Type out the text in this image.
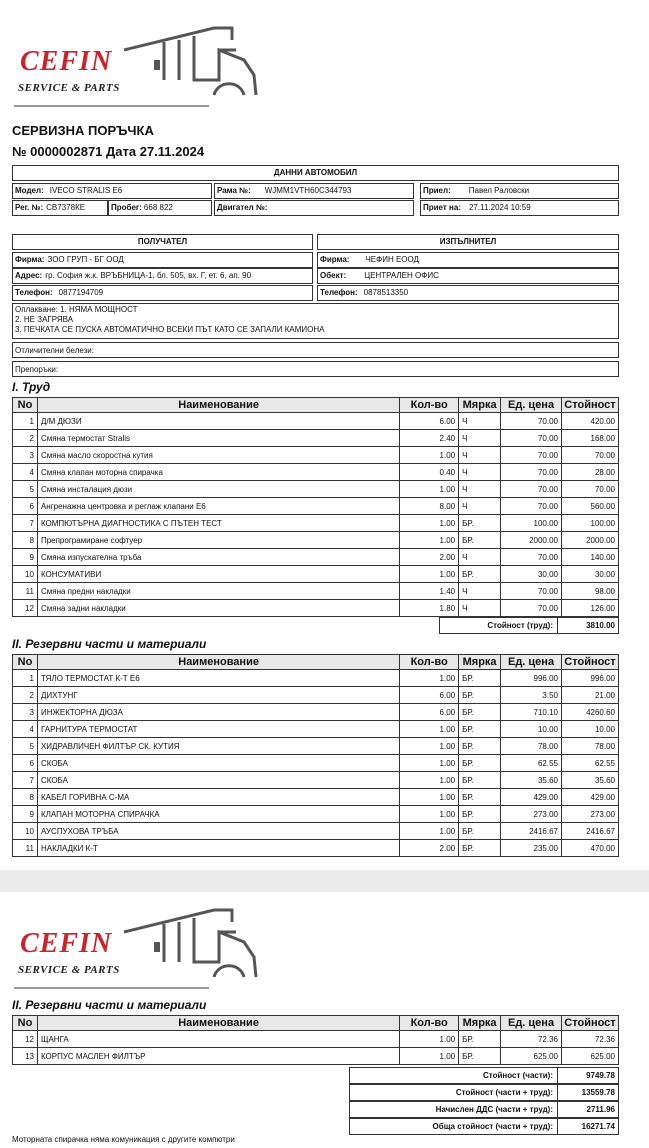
CEFIN
SERVICE & PARTS
СЕРВИЗНА ПОРЪЧКА
№ 0000002871 Дата 27.11.2024
ДАННИ АВТОМОБИЛ
Модел: IVECO STRALIS E6	Рама №: WJMM1VTH60C344793	Приел: Павел Раловски
Рег. №: СВ7378КЕ	Пробег: 668 822	Двигател №:	Приет на: 27.11.2024 10:59
ПОЛУЧАТЕЛ	ИЗПЪЛНИТЕЛ
Фирма: ЗОО ГРУП - БГ ООД
Адрес: гр. София ж.к. ВРЪБНИЦА-1, бл. 505, вх. Г, ет. 6, ап. 90
Телефон: 0877194709
Фирма: ЧЕФИН ЕООД
Обект: ЦЕНТРАЛЕН ОФИС
Телефон: 0878513350
Оплакване: 1. НЯМА МОЩНОСТ
2. НЕ ЗАГРЯВА
3. ПЕЧКАТА СЕ ПУСКА АВТОМАТИЧНО ВСЕКИ ПЪТ КАТО СЕ ЗАПАЛИ КАМИОНА
Отличителни белези:
Препоръки:
I. Труд
No	Наименование	Кол-во	Мярка	Ед. цена	Стойност
1	Д/М ДЮЗИ	6.00	Ч	70.00	420.00
2	Смяна термостат Stralis	2.40	Ч	70.00	168.00
3	Смяна масло скоростна кутия	1.00	Ч	70.00	70.00
4	Смяна клапан моторна спирачка	0.40	Ч	70.00	28.00
5	Смяна инсталация дюзи	1.00	Ч	70.00	70.00
6	Ангренажна центровка и реглаж клапани Е6	8.00	Ч	70.00	560.00
7	КОМПЮТЪРНА ДИАГНОСТИКА С ПЪТЕН ТЕСТ	1.00	БР.	100.00	100.00
8	Препрограмиране софтуер	1.00	БР.	2000.00	2000.00
9	Смяна изпускателна тръба	2.00	Ч	70.00	140.00
10	КОНСУМАТИВИ	1.00	БР.	30.00	30.00
11	Смяна предни накладки	1.40	Ч	70.00	98.00
12	Смяна задни накладки	1.80	Ч	70.00	126.00
Стойност (труд):	3810.00
II. Резервни части и материали
No	Наименование	Кол-во	Мярка	Ед. цена	Стойност
1	ТЯЛО ТЕРМОСТАТ К-Т Е6	1.00	БР.	996.00	996.00
2	ДИХТУНГ	6.00	БР.	3.50	21.00
3	ИНЖЕКТОРНА ДЮЗА	6.00	БР.	710.10	4260.60
4	ГАРНИТУРА ТЕРМОСТАТ	1.00	БР.	10.00	10.00
5	ХИДРАВЛИЧЕН ФИЛТЪР СК. КУТИЯ	1.00	БР.	78.00	78.00
6	СКОБА	1.00	БР.	62.55	62.55
7	СКОБА	1.00	БР.	35.60	35.60
8	КАБЕЛ ГОРИВНА С-МА	1.00	БР.	429.00	429.00
9	КЛАПАН МОТОРНА СПИРАЧКА	1.00	БР.	273.00	273.00
10	АУСПУХОВА ТРЪБА	1.00	БР.	2416.67	2416.67
11	НАКЛАДКИ К-Т	2.00	БР.	235.00	470.00
CEFIN
SERVICE & PARTS
II. Резервни части и материали
No	Наименование	Кол-во	Мярка	Ед. цена	Стойност
12	ЩАНГА	1.00	БР.	72.36	72.36
13	КОРПУС МАСЛЕН ФИЛТЪР	1.00	БР.	625.00	625.00
Стойност (части):	9749.78
Стойност (части + труд):	13559.78
Начислен ДДС (части + труд):	2711.96
Обща стойност (части + труд):	16271.74
Моторната спирачка няма комуникация с другите компютри
